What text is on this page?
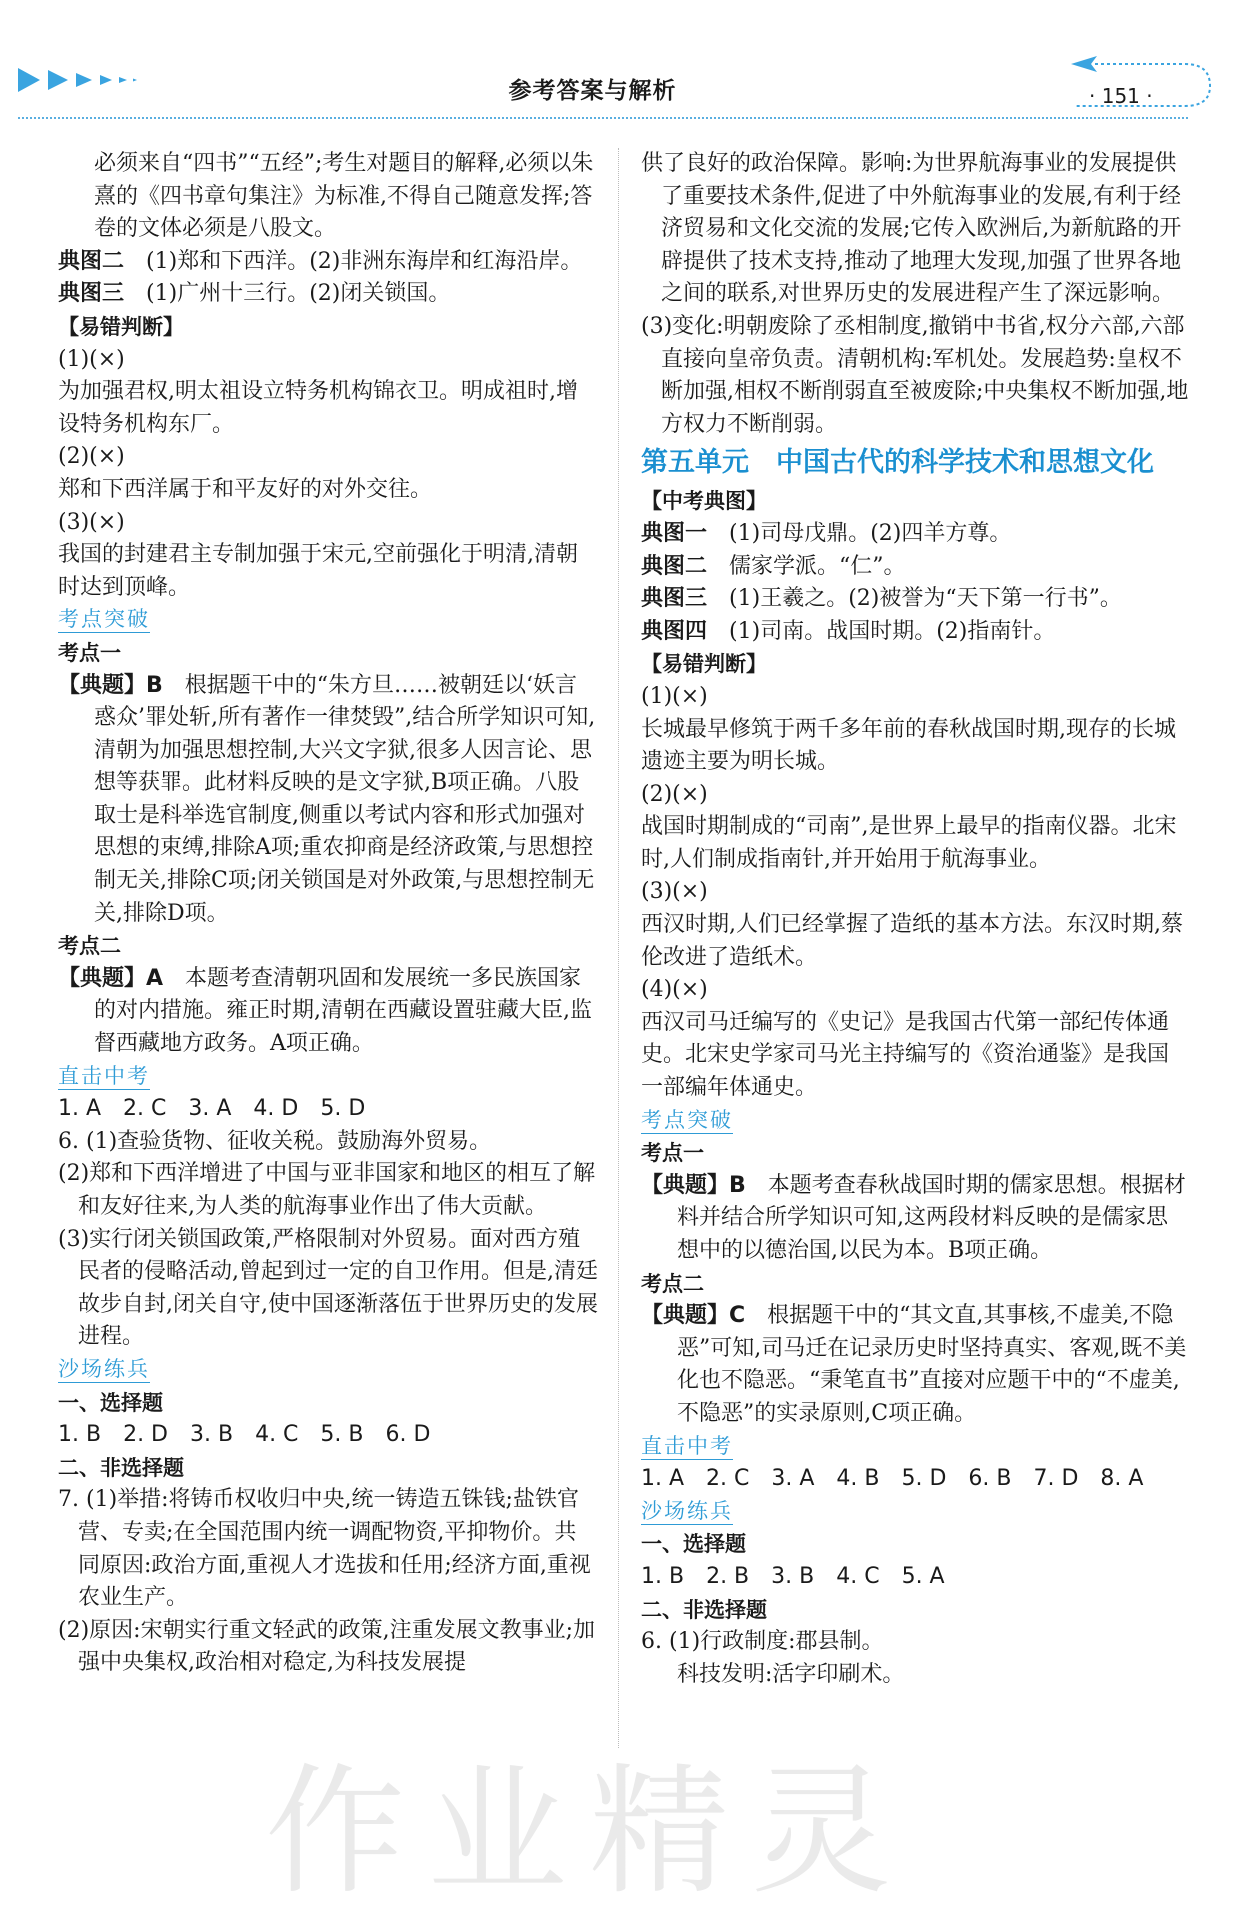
参考答案与解析	· 151 ·

必须来自“四书”“五经”;考生对题目的解释,必须以朱熹的《四书章句集注》为标准,不得自己随意发挥;答卷的文体必须是八股文。

典图二　 (1)郑和下西洋。(2)非洲东海岸和红海沿岸。

典图三　 (1)广州十三行。(2)闭关锁国。

【易错判断】

(1)(×)

为加强君权,明太祖设立特务机构锦衣卫。明成祖时,增设特务机构东厂。

(2)(×)

郑和下西洋属于和平友好的对外交往。

(3)(×)

我国的封建君主专制加强于宋元,空前强化于明清,清朝时达到顶峰。

考点突破

考点一

【典题】B　 根据题干中的“朱方旦……被朝廷以‘妖言惑众’罪处斩,所有著作一律焚毁”,结合所学知识可知,清朝为加强思想控制,大兴文字狱,很多人因言论、思想等获罪。此材料反映的是文字狱,B项正确。八股取士是科举选官制度,侧重以考试内容和形式加强对思想的束缚,排除A项;重农抑商是经济政策,与思想控制无关,排除C项;闭关锁国是对外政策,与思想控制无关,排除D项。

考点二

【典题】A　 本题考查清朝巩固和发展统一多民族国家的对内措施。雍正时期,清朝在西藏设置驻藏大臣,监督西藏地方政务。A项正确。

直击中考

1. A　2. C　3. A　4. D　5. D

6. (1)查验货物、征收关税。鼓励海外贸易。

(2)郑和下西洋增进了中国与亚非国家和地区的相互了解和友好往来,为人类的航海事业作出了伟大贡献。

(3)实行闭关锁国政策,严格限制对外贸易。面对西方殖民者的侵略活动,曾起到过一定的自卫作用。但是,清廷故步自封,闭关自守,使中国逐渐落伍于世界历史的发展进程。

沙场练兵

一、选择题

1. B　2. D　3. B　4. C　5. B　6. D

二、非选择题

7. (1)举措:将铸币权收归中央,统一铸造五铢钱;盐铁官营、专卖;在全国范围内统一调配物资,平抑物价。共同原因:政治方面,重视人才选拔和任用;经济方面,重视农业生产。

(2)原因:宋朝实行重文轻武的政策,注重发展文教事业;加强中央集权,政治相对稳定,为科技发展提

供了良好的政治保障。影响:为世界航海事业的发展提供了重要技术条件,促进了中外航海事业的发展,有利于经济贸易和文化交流的发展;它传入欧洲后,为新航路的开辟提供了技术支持,推动了地理大发现,加强了世界各地之间的联系,对世界历史的发展进程产生了深远影响。

(3)变化:明朝废除了丞相制度,撤销中书省,权分六部,六部直接向皇帝负责。清朝机构:军机处。发展趋势:皇权不断加强,相权不断削弱直至被废除;中央集权不断加强,地方权力不断削弱。

第五单元　中国古代的科学技术和思想文化

【中考典图】

典图一　 (1)司母戊鼎。(2)四羊方尊。

典图二　 儒家学派。“仁”。

典图三　 (1)王羲之。(2)被誉为“天下第一行书”。

典图四　 (1)司南。战国时期。(2)指南针。

【易错判断】

(1)(×)

长城最早修筑于两千多年前的春秋战国时期,现存的长城遗迹主要为明长城。

(2)(×)

战国时期制成的“司南”,是世界上最早的指南仪器。北宋时,人们制成指南针,并开始用于航海事业。

(3)(×)

西汉时期,人们已经掌握了造纸的基本方法。东汉时期,蔡伦改进了造纸术。

(4)(×)

西汉司马迁编写的《史记》是我国古代第一部纪传体通史。北宋史学家司马光主持编写的《资治通鉴》是我国一部编年体通史。

考点突破

考点一

【典题】B　 本题考查春秋战国时期的儒家思想。根据材料并结合所学知识可知,这两段材料反映的是儒家思想中的以德治国,以民为本。B项正确。

考点二

【典题】C　 根据题干中的“其文直,其事核,不虚美,不隐恶”可知,司马迁在记录历史时坚持真实、客观,既不美化也不隐恶。“秉笔直书”直接对应题干中的“不虚美,不隐恶”的实录原则,C项正确。

直击中考

1. A　2. C　3. A　4. B　5. D　6. B　7. D　8. A

沙场练兵

一、选择题

1. B　2. B　3. B　4. C　5. A

二、非选择题

6. (1)行政制度:郡县制。

科技发明:活字印刷术。

作业精灵
